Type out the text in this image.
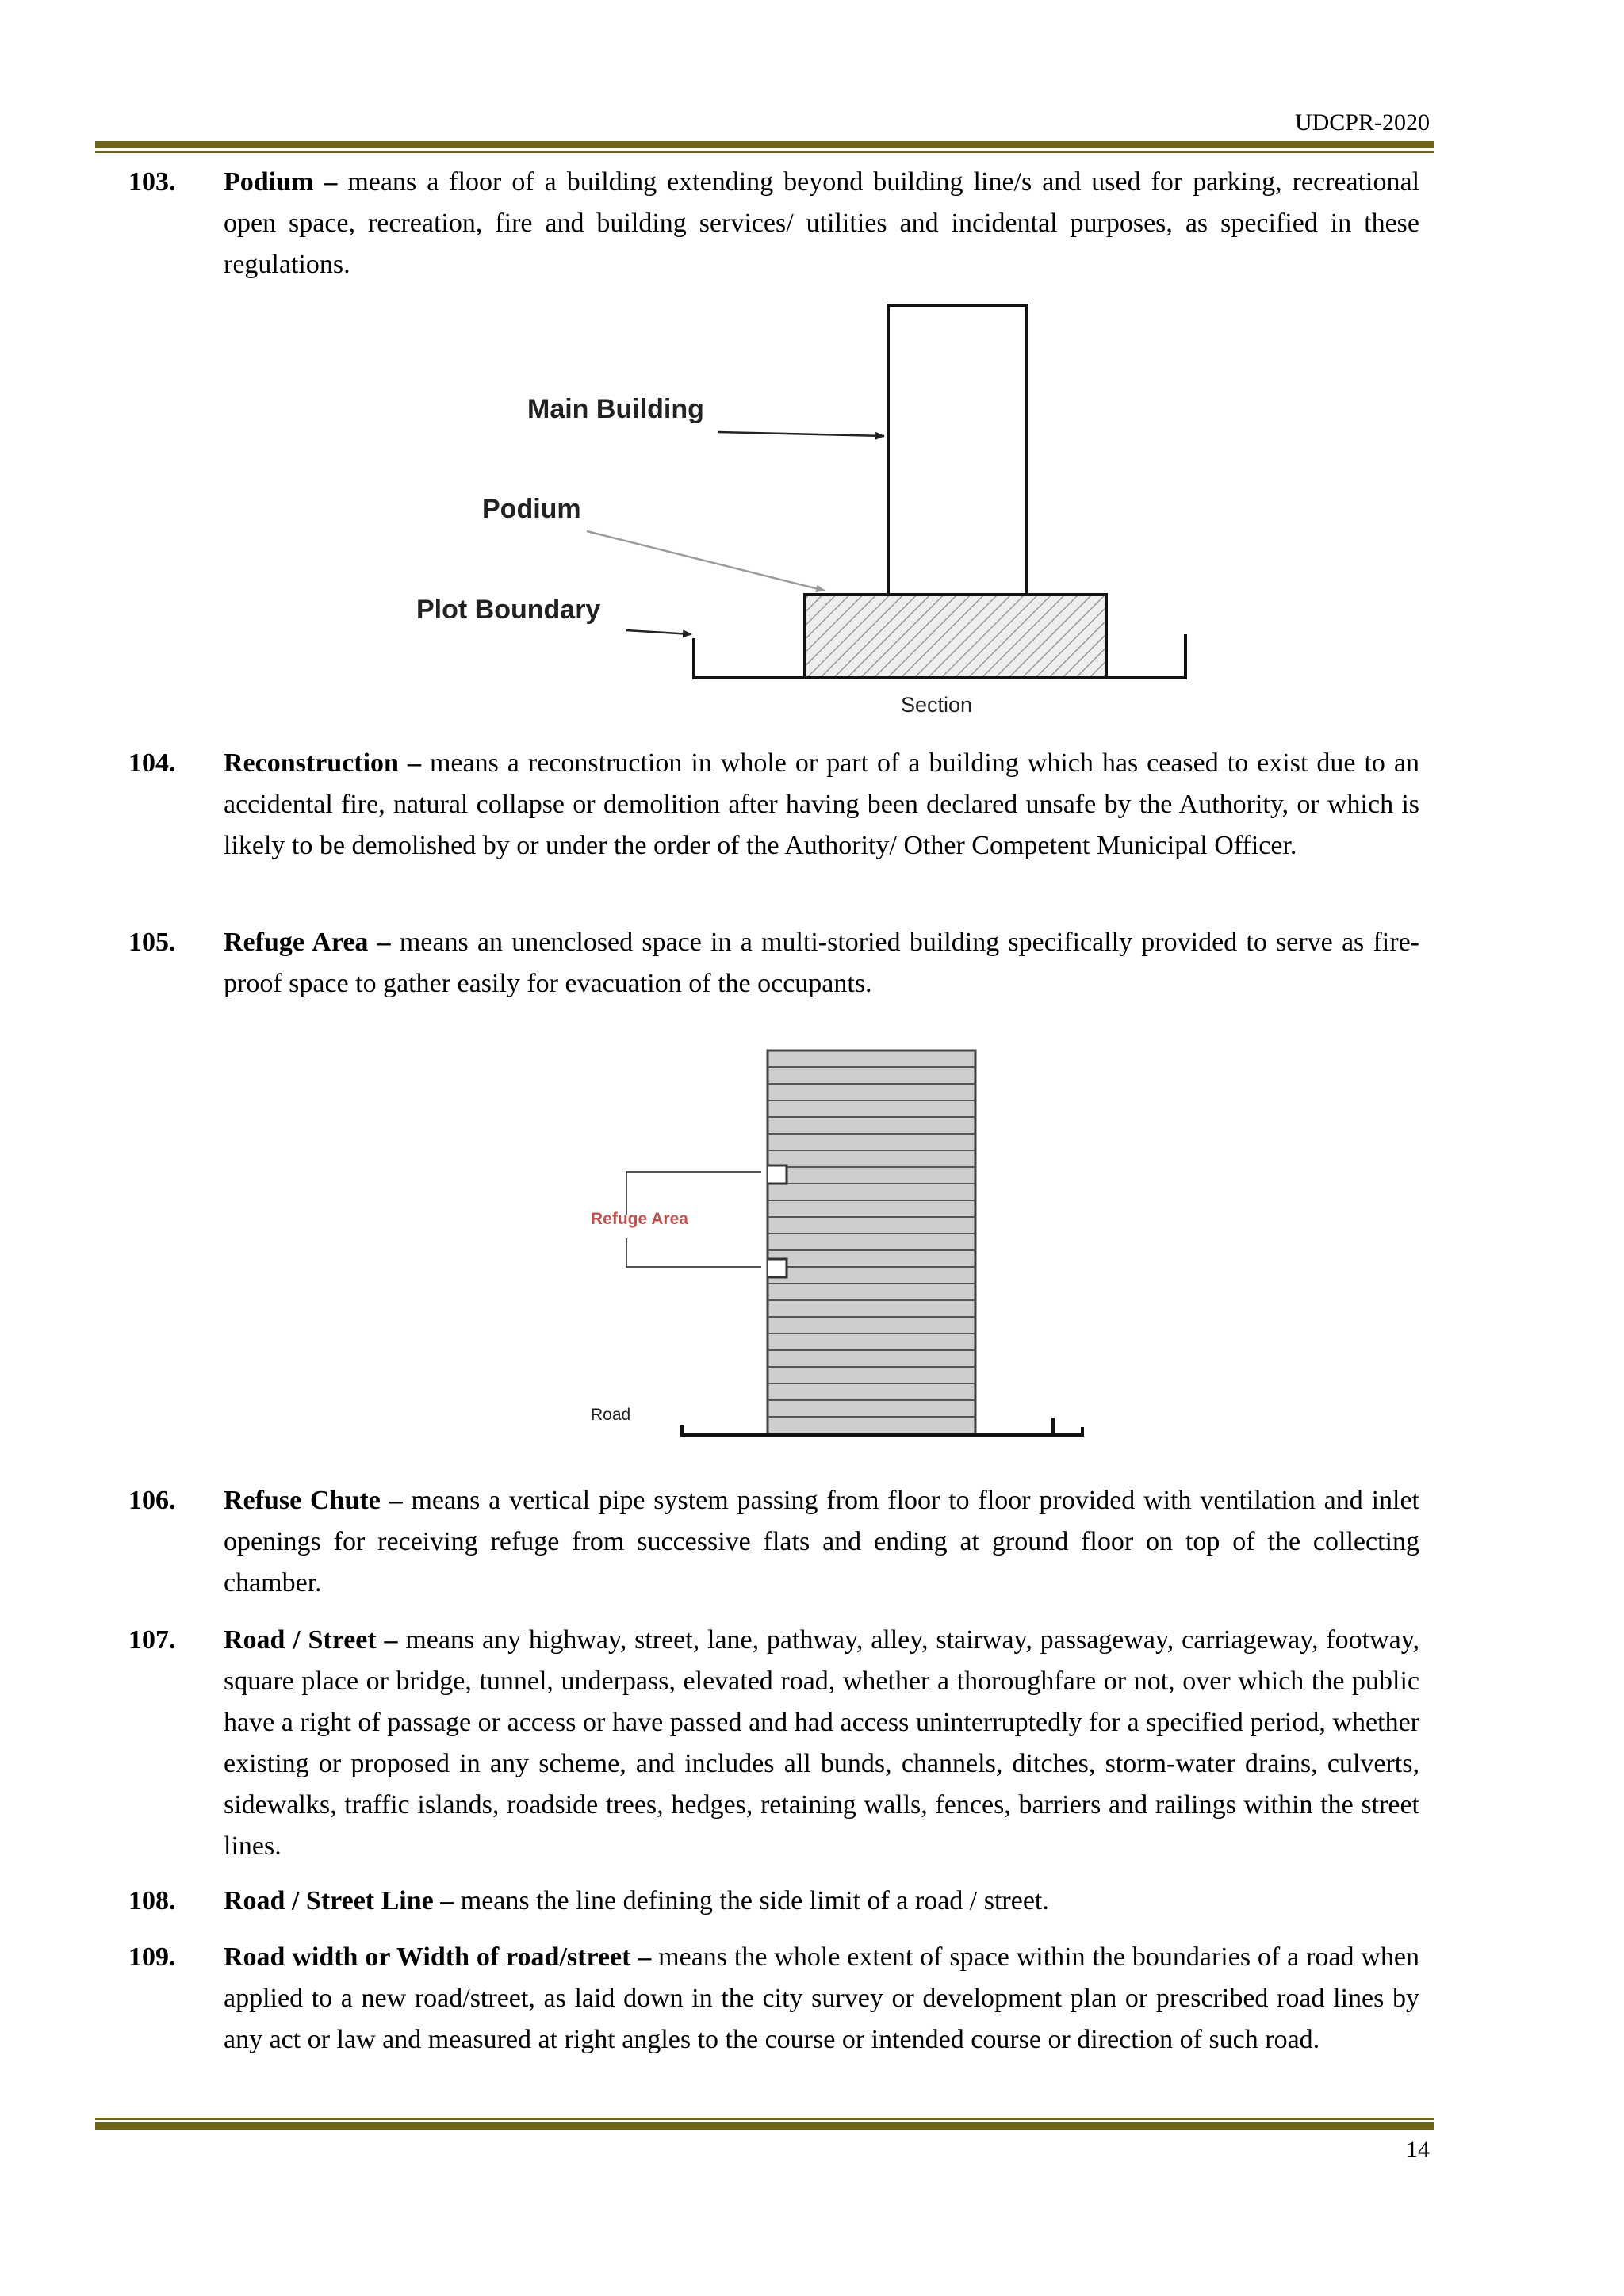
UDCPR-2020
103. Podium – means a floor of a building extending beyond building line/s and used for parking, recreational open space, recreation, fire and building services/ utilities and incidental purposes, as specified in these regulations.
Main Building
Podium
Plot Boundary
Section
104. Reconstruction – means a reconstruction in whole or part of a building which has ceased to exist due to an accidental fire, natural collapse or demolition after having been declared unsafe by the Authority, or which is likely to be demolished by or under the order of the Authority/ Other Competent Municipal Officer.
105. Refuge Area – means an unenclosed space in a multi-storied building specifically provided to serve as fire-proof space to gather easily for evacuation of the occupants.
Refuge Area
Road
106. Refuse Chute – means a vertical pipe system passing from floor to floor provided with ventilation and inlet openings for receiving refuge from successive flats and ending at ground floor on top of the collecting chamber.
107. Road / Street – means any highway, street, lane, pathway, alley, stairway, passageway, carriageway, footway, square place or bridge, tunnel, underpass, elevated road, whether a thoroughfare or not, over which the public have a right of passage or access or have passed and had access uninterruptedly for a specified period, whether existing or proposed in any scheme, and includes all bunds, channels, ditches, storm-water drains, culverts, sidewalks, traffic islands, roadside trees, hedges, retaining walls, fences, barriers and railings within the street lines.
108. Road / Street Line – means the line defining the side limit of a road / street.
109. Road width or Width of road/street – means the whole extent of space within the boundaries of a road when applied to a new road/street, as laid down in the city survey or development plan or prescribed road lines by any act or law and measured at right angles to the course or intended course or direction of such road.
14
